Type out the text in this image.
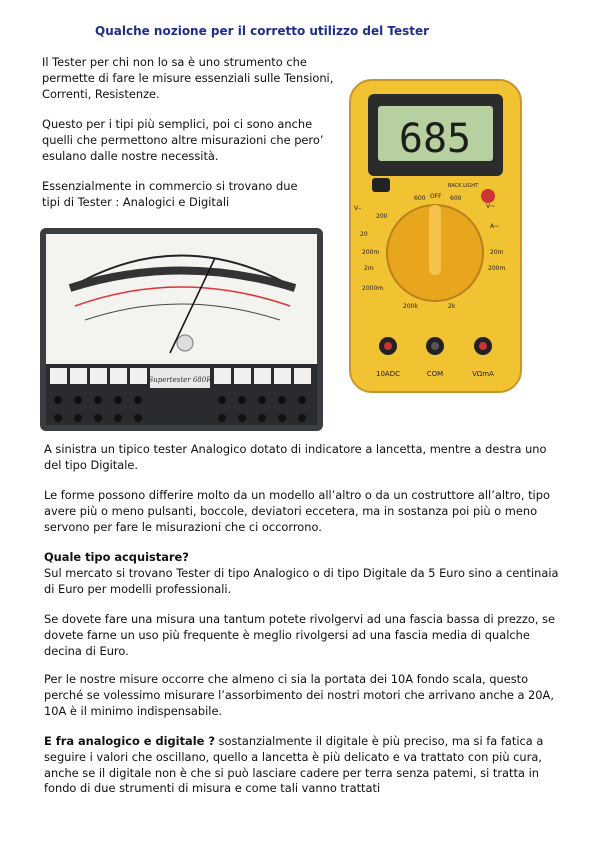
Qualche nozione per il corretto utilizzo del Tester

Il Tester per chi non lo sa è uno strumento che permette di fare le misure essenziali sulle Tensioni, Correnti, Resistenze.

Questo per i tipi più semplici, poi ci sono anche quelli che permettono altre misurazioni che pero’ esulano dalle nostre necessità.

Essenzialmente in commercio si trovano due tipi di Tester : Analogici e Digitali

Supertester 680R
685
BACK LIGHT
600 OFF 600
V~
200
A~
20
200m	20m
2m	200m
2000m
V–
200k	2k
10ADC	COM	VΩmA

A sinistra un tipico tester Analogico dotato di indicatore a lancetta, mentre a destra uno del tipo Digitale.

Le forme possono differire molto da un modello all’altro o da un costruttore all’altro, tipo avere più o meno pulsanti, boccole, deviatori eccetera, ma in sostanza poi più o meno servono per fare le misurazioni che ci occorrono.

Quale tipo acquistare?
Sul mercato si trovano Tester di tipo Analogico o di tipo Digitale da 5 Euro sino a centinaia di Euro per modelli professionali.

Se dovete fare una misura una tantum potete rivolgervi ad una fascia bassa di prezzo, se dovete farne un uso più frequente è meglio rivolgersi ad una fascia media di qualche decina di Euro.

Per le nostre misure occorre che almeno ci sia la portata dei 10A fondo scala, questo perché se volessimo misurare l’assorbimento dei nostri motori che arrivano anche a 20A, 10A è il minimo indispensabile.

E fra analogico e digitale ? sostanzialmente il digitale è più preciso, ma si fa fatica a seguire i valori che oscillano, quello a lancetta è più delicato e va trattato con più cura, anche se il digitale non è che si può lasciare cadere per terra senza patemi, si tratta in fondo di due strumenti di misura e come tali vanno trattati
